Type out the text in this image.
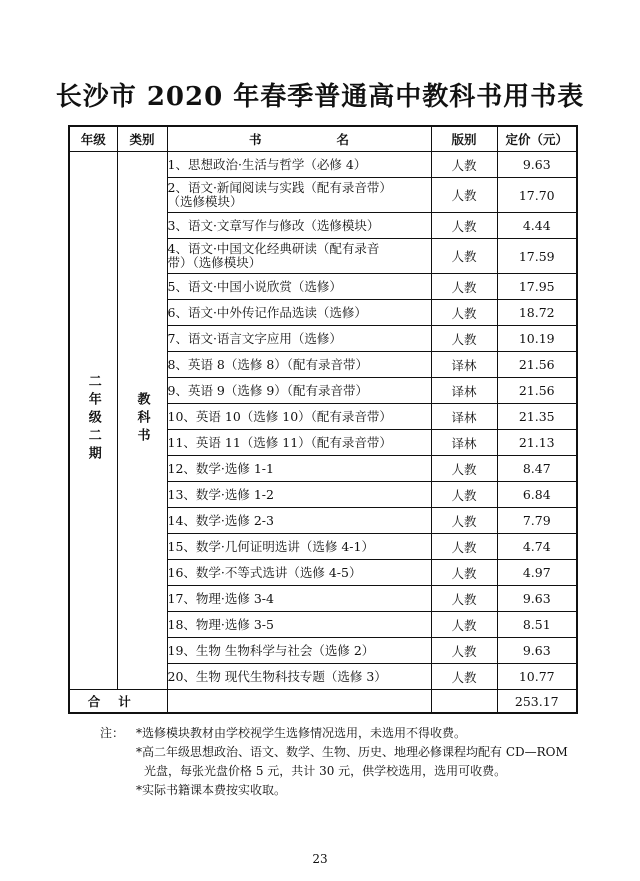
长沙市 2020 年春季普通高中教科书用书表
年级	类别	书　　　　　　名	版别	定价（元）
二年级二期	教科书	1、思想政治·生活与哲学（必修 4）	人教	9.63
		2、语文·新闻阅读与实践（配有录音带）（选修模块）	人教	17.70
		3、语文·文章写作与修改（选修模块）	人教	4.44
		4、语文·中国文化经典研读（配有录音带）（选修模块）	人教	17.59
		5、语文·中国小说欣赏（选修）	人教	17.95
		6、语文·中外传记作品选读（选修）	人教	18.72
		7、语文·语言文字应用（选修）	人教	10.19
		8、英语 8（选修 8）（配有录音带）	译林	21.56
		9、英语 9（选修 9）（配有录音带）	译林	21.56
		10、英语 10（选修 10）（配有录音带）	译林	21.35
		11、英语 11（选修 11）（配有录音带）	译林	21.13
		12、数学·选修 1-1	人教	8.47
		13、数学·选修 1-2	人教	6.84
		14、数学·选修 2-3	人教	7.79
		15、数学·几何证明选讲（选修 4-1）	人教	4.74
		16、数学·不等式选讲（选修 4-5）	人教	4.97
		17、物理·选修 3-4	人教	9.63
		18、物理·选修 3-5	人教	8.51
		19、生物 生物科学与社会（选修 2）	人教	9.63
		20、生物 现代生物科技专题（选修 3）	人教	10.77
合计				253.17
注： *选修模块教材由学校视学生选修情况选用，未选用不得收费。
*高二年级思想政治、语文、数学、生物、历史、地理必修课程均配有 CD—ROM
光盘，每张光盘价格 5 元，共计 30 元，供学校选用，选用可收费。
*实际书籍课本费按实收取。
23
